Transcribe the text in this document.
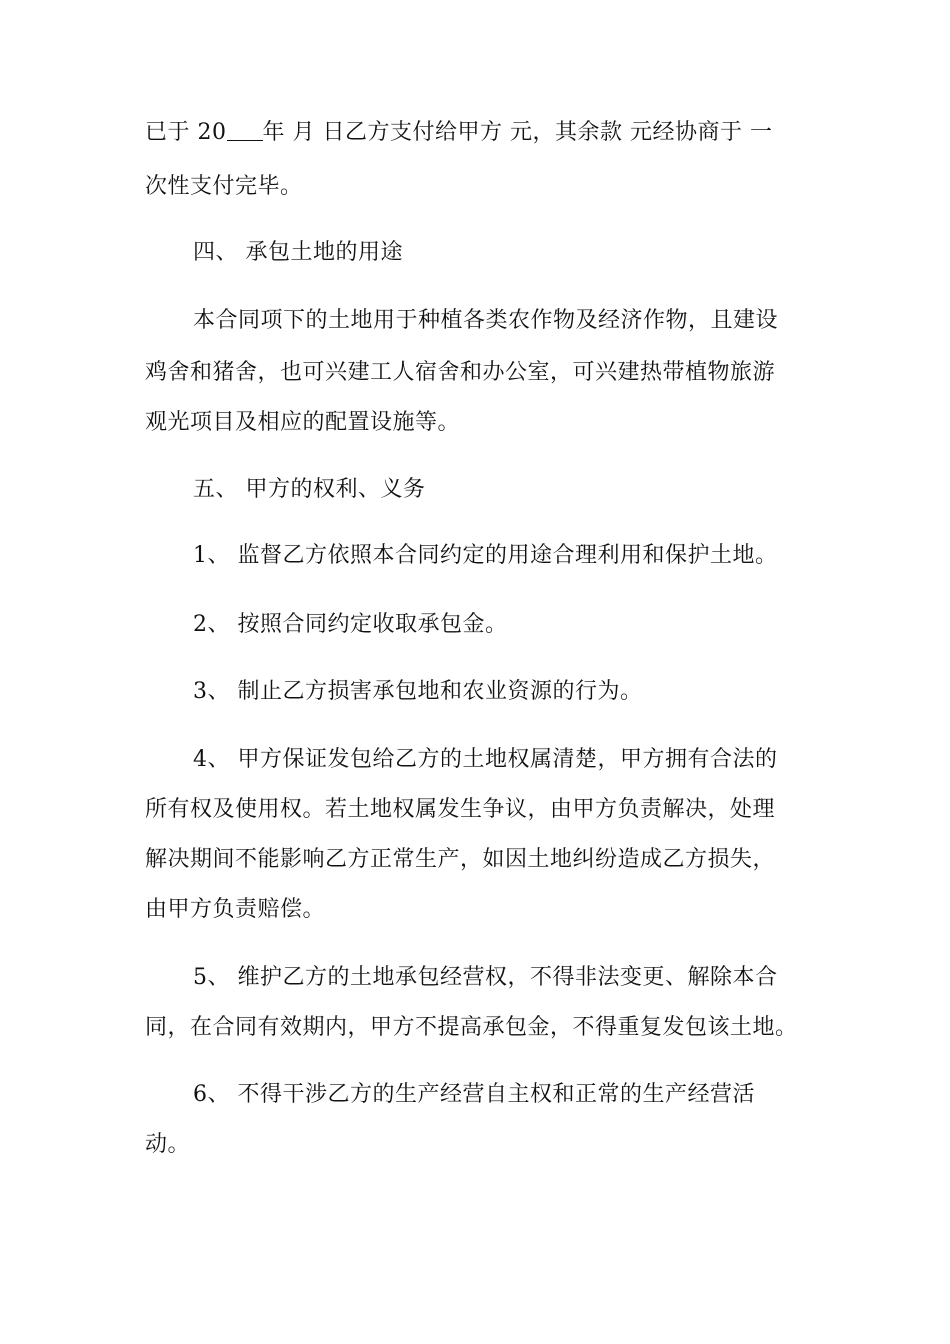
已于 20 年 月 日乙方支付给甲方 元，其余款 元经协商于 一
次性支付完毕。
四、 承包土地的用途
本合同项下的土地用于种植各类农作物及经济作物，且建设
鸡舍和猪舍，也可兴建工人宿舍和办公室，可兴建热带植物旅游
观光项目及相应的配置设施等。
五、 甲方的权利、义务
1、 监督乙方依照本合同约定的用途合理利用和保护土地。
2、 按照合同约定收取承包金。
3、 制止乙方损害承包地和农业资源的行为。
4、 甲方保证发包给乙方的土地权属清楚，甲方拥有合法的
所有权及使用权。若土地权属发生争议，由甲方负责解决，处理
解决期间不能影响乙方正常生产，如因土地纠纷造成乙方损失，
由甲方负责赔偿。
5、 维护乙方的土地承包经营权，不得非法变更、解除本合
同，在合同有效期内，甲方不提高承包金，不得重复发包该土地。
6、 不得干涉乙方的生产经营自主权和正常的生产经营活
动。
